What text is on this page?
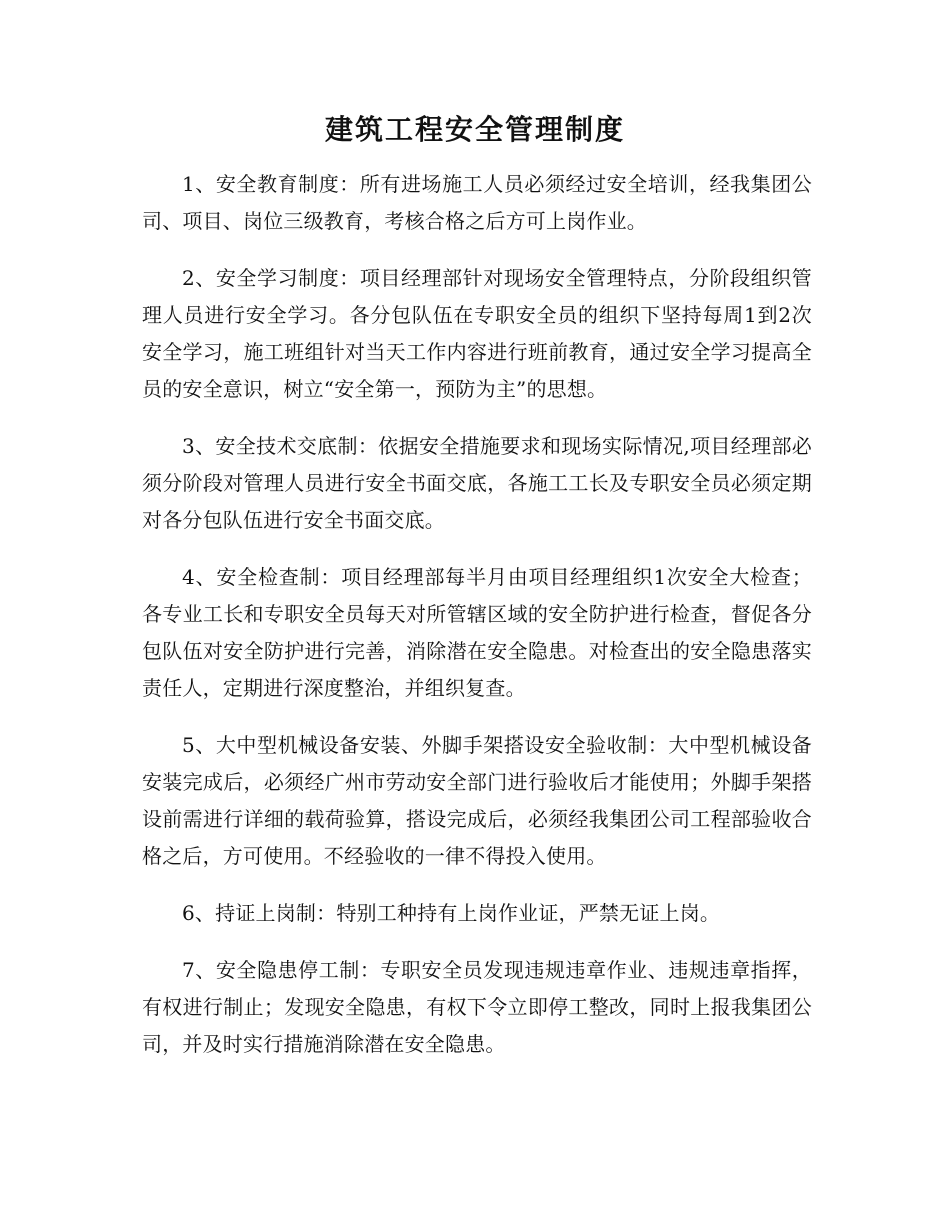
建筑工程安全管理制度

1、安全教育制度：所有进场施工人员必须经过安全培训，经我集团公司、项目、岗位三级教育，考核合格之后方可上岗作业。

2、安全学习制度：项目经理部针对现场安全管理特点，分阶段组织管理人员进行安全学习。各分包队伍在专职安全员的组织下坚持每周1到2次安全学习，施工班组针对当天工作内容进行班前教育，通过安全学习提高全员的安全意识，树立“安全第一，预防为主”的思想。

3、安全技术交底制：依据安全措施要求和现场实际情况,项目经理部必须分阶段对管理人员进行安全书面交底，各施工工长及专职安全员必须定期对各分包队伍进行安全书面交底。

4、安全检查制：项目经理部每半月由项目经理组织1次安全大检查；各专业工长和专职安全员每天对所管辖区域的安全防护进行检查，督促各分包队伍对安全防护进行完善，消除潜在安全隐患。对检查出的安全隐患落实责任人，定期进行深度整治，并组织复查。

5、大中型机械设备安装、外脚手架搭设安全验收制：大中型机械设备安装完成后，必须经广州市劳动安全部门进行验收后才能使用；外脚手架搭设前需进行详细的载荷验算，搭设完成后，必须经我集团公司工程部验收合格之后，方可使用。不经验收的一律不得投入使用。

6、持证上岗制：特别工种持有上岗作业证，严禁无证上岗。

7、安全隐患停工制：专职安全员发现违规违章作业、违规违章指挥，有权进行制止；发现安全隐患，有权下令立即停工整改，同时上报我集团公司，并及时实行措施消除潜在安全隐患。
